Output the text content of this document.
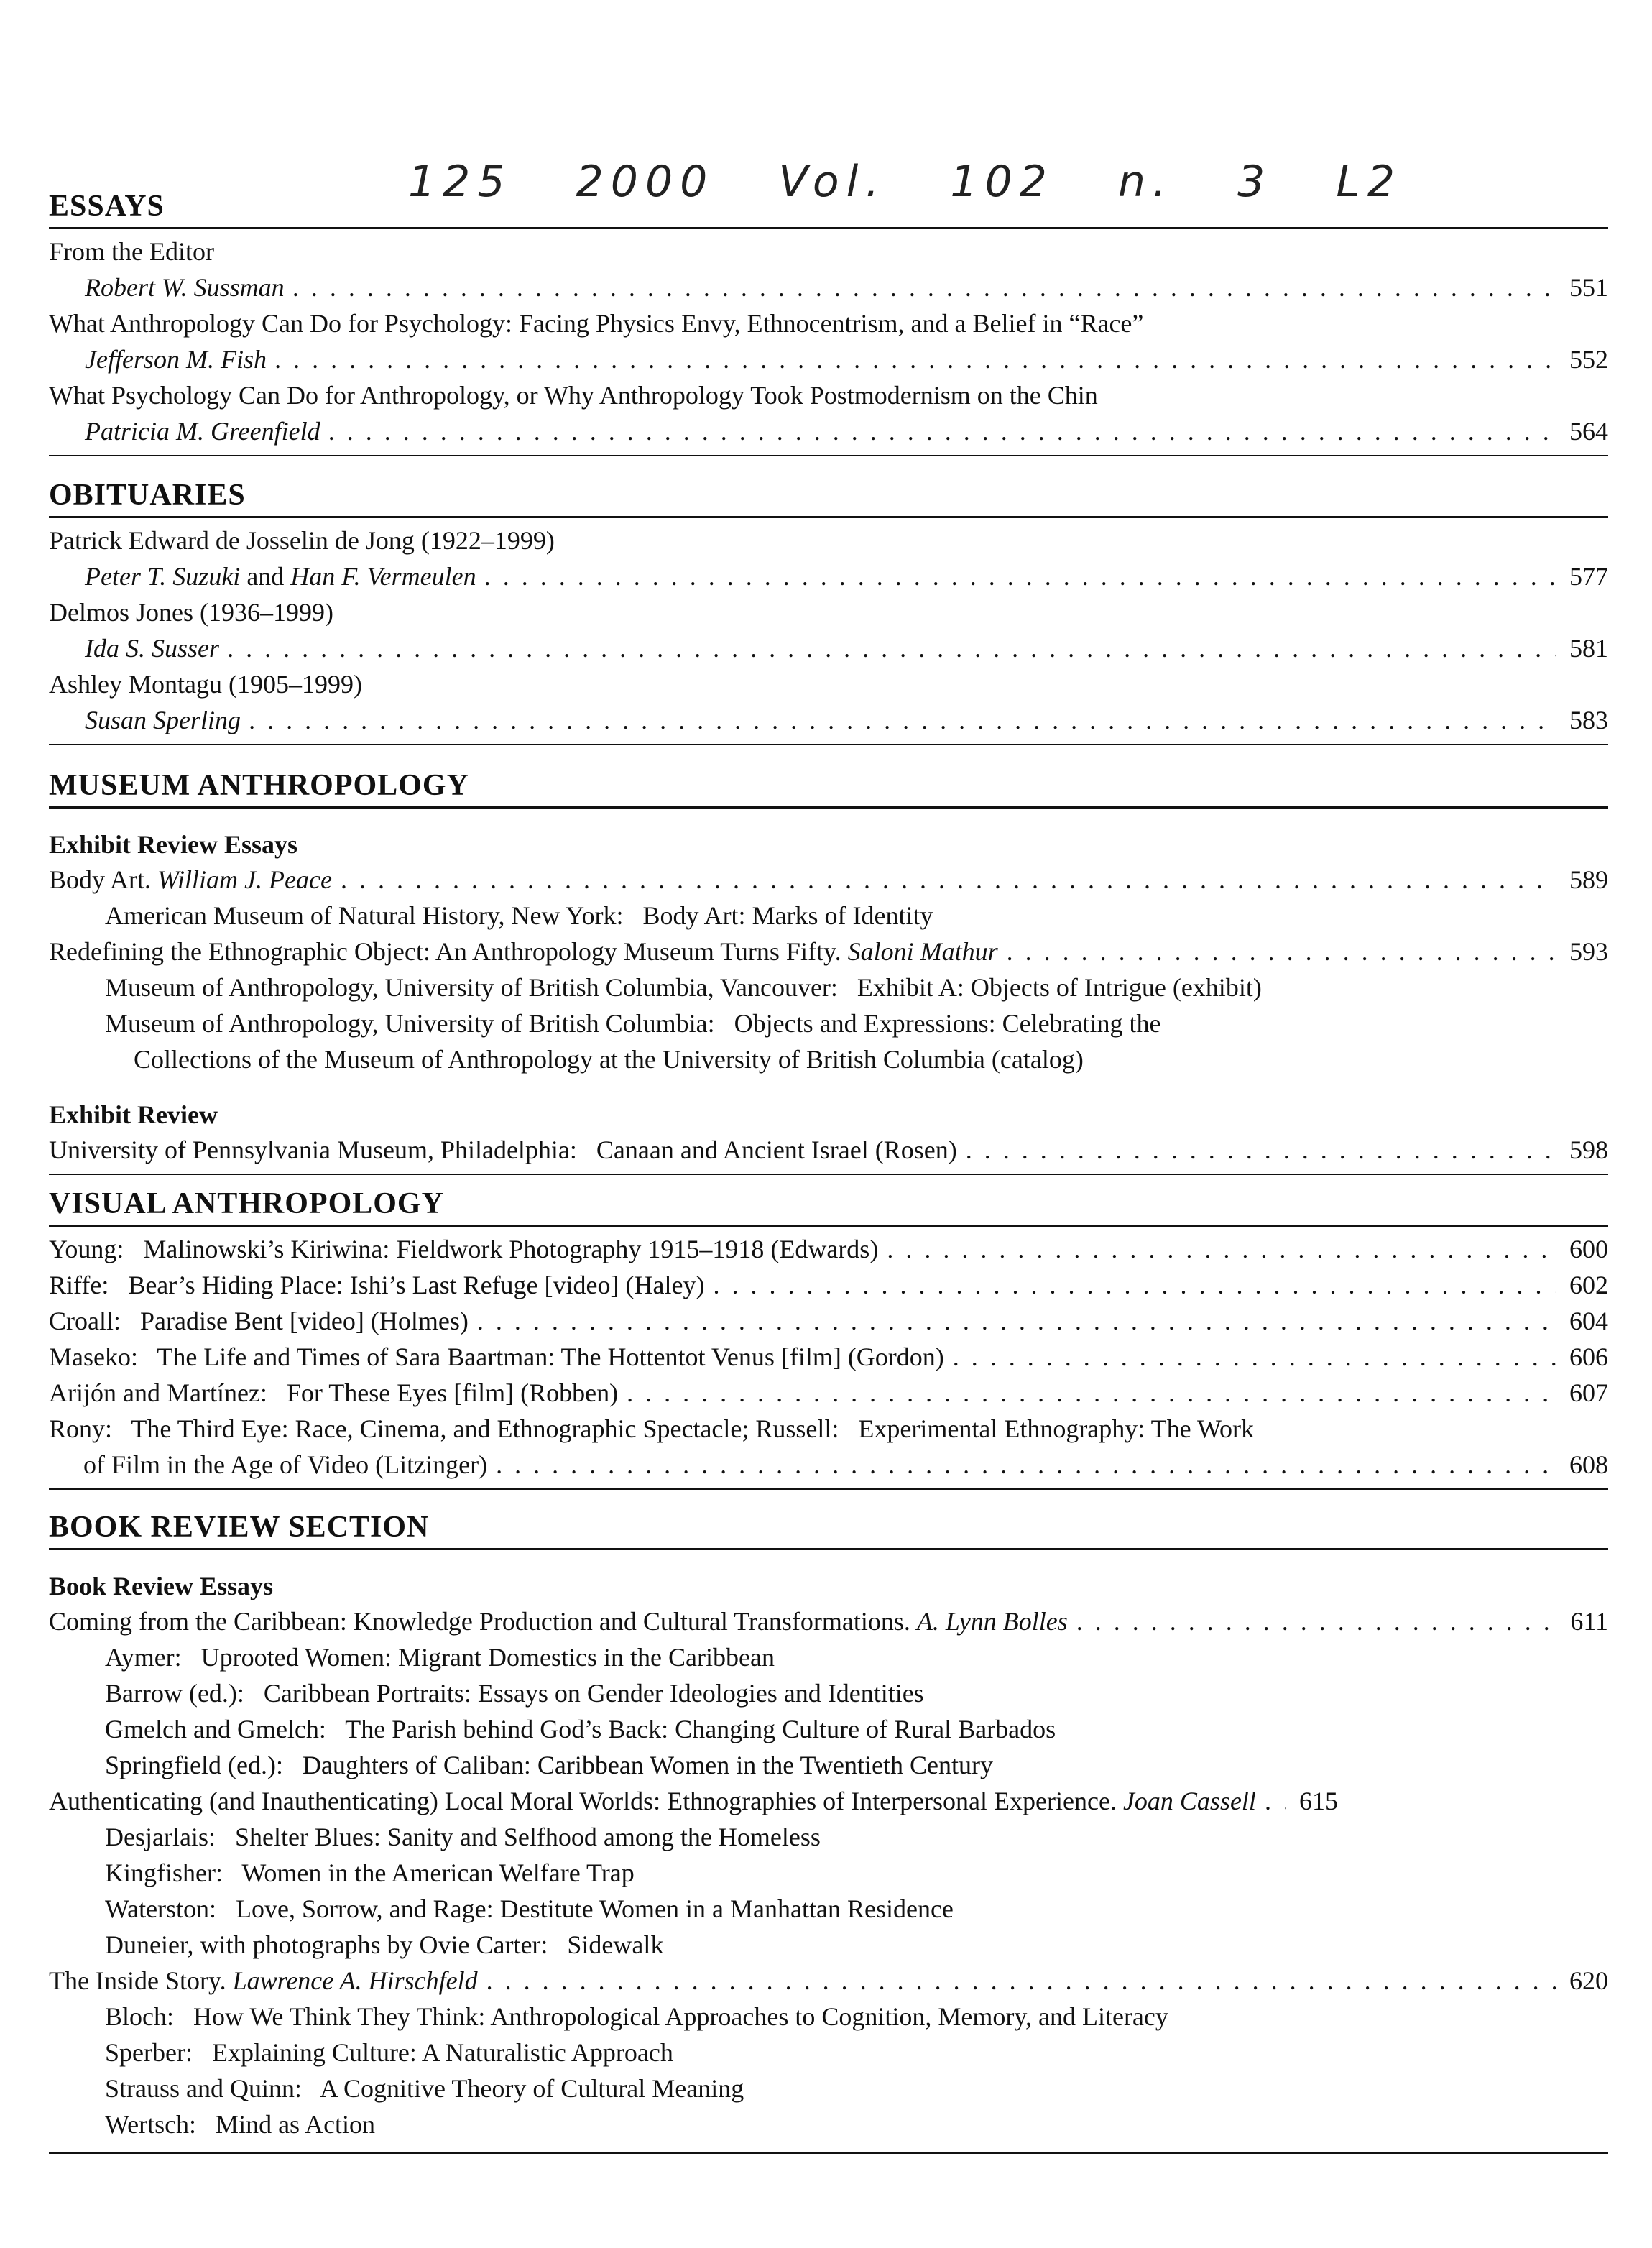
125 2000 Vol. 102 n. 3 L2
ESSAYS
From the Editor
Robert W. Sussman . . .	551
What Anthropology Can Do for Psychology: Facing Physics Envy, Ethnocentrism, and a Belief in “Race”
Jefferson M. Fish . . .	552
What Psychology Can Do for Anthropology, or Why Anthropology Took Postmodernism on the Chin
Patricia M. Greenfield . . .	564
OBITUARIES
Patrick Edward de Josselin de Jong (1922–1999)
Peter T. Suzuki and Han F. Vermeulen . . .	577
Delmos Jones (1936–1999)
Ida S. Susser . . .	581
Ashley Montagu (1905–1999)
Susan Sperling . . .	583
MUSEUM ANTHROPOLOGY
Exhibit Review Essays
Body Art. William J. Peace . . .	589
American Museum of Natural History, New York:   Body Art: Marks of Identity
Redefining the Ethnographic Object: An Anthropology Museum Turns Fifty. Saloni Mathur . . .	593
Museum of Anthropology, University of British Columbia, Vancouver:   Exhibit A: Objects of Intrigue (exhibit)
Museum of Anthropology, University of British Columbia:   Objects and Expressions: Celebrating the
Collections of the Museum of Anthropology at the University of British Columbia (catalog)
Exhibit Review
University of Pennsylvania Museum, Philadelphia:   Canaan and Ancient Israel (Rosen) . . .	598
VISUAL ANTHROPOLOGY
Young:   Malinowski’s Kiriwina: Fieldwork Photography 1915–1918 (Edwards) . . .	600
Riffe:   Bear’s Hiding Place: Ishi’s Last Refuge [video] (Haley) . . .	602
Croall:   Paradise Bent [video] (Holmes) . . .	604
Maseko:   The Life and Times of Sara Baartman: The Hottentot Venus [film] (Gordon) . . .	606
Arijón and Martínez:   For These Eyes [film] (Robben) . . .	607
Rony:   The Third Eye: Race, Cinema, and Ethnographic Spectacle; Russell:   Experimental Ethnography: The Work
of Film in the Age of Video (Litzinger) . . .	608
BOOK REVIEW SECTION
Book Review Essays
Coming from the Caribbean: Knowledge Production and Cultural Transformations. A. Lynn Bolles . . .	611
Aymer:   Uprooted Women: Migrant Domestics in the Caribbean
Barrow (ed.):   Caribbean Portraits: Essays on Gender Ideologies and Identities
Gmelch and Gmelch:   The Parish behind God’s Back: Changing Culture of Rural Barbados
Springfield (ed.):   Daughters of Caliban: Caribbean Women in the Twentieth Century
Authenticating (and Inauthenticating) Local Moral Worlds: Ethnographies of Interpersonal Experience. Joan Cassell . . . 615
Desjarlais:   Shelter Blues: Sanity and Selfhood among the Homeless
Kingfisher:   Women in the American Welfare Trap
Waterston:   Love, Sorrow, and Rage: Destitute Women in a Manhattan Residence
Duneier, with photographs by Ovie Carter:   Sidewalk
The Inside Story. Lawrence A. Hirschfeld . . .	620
Bloch:   How We Think They Think: Anthropological Approaches to Cognition, Memory, and Literacy
Sperber:   Explaining Culture: A Naturalistic Approach
Strauss and Quinn:   A Cognitive Theory of Cultural Meaning
Wertsch:   Mind as Action
